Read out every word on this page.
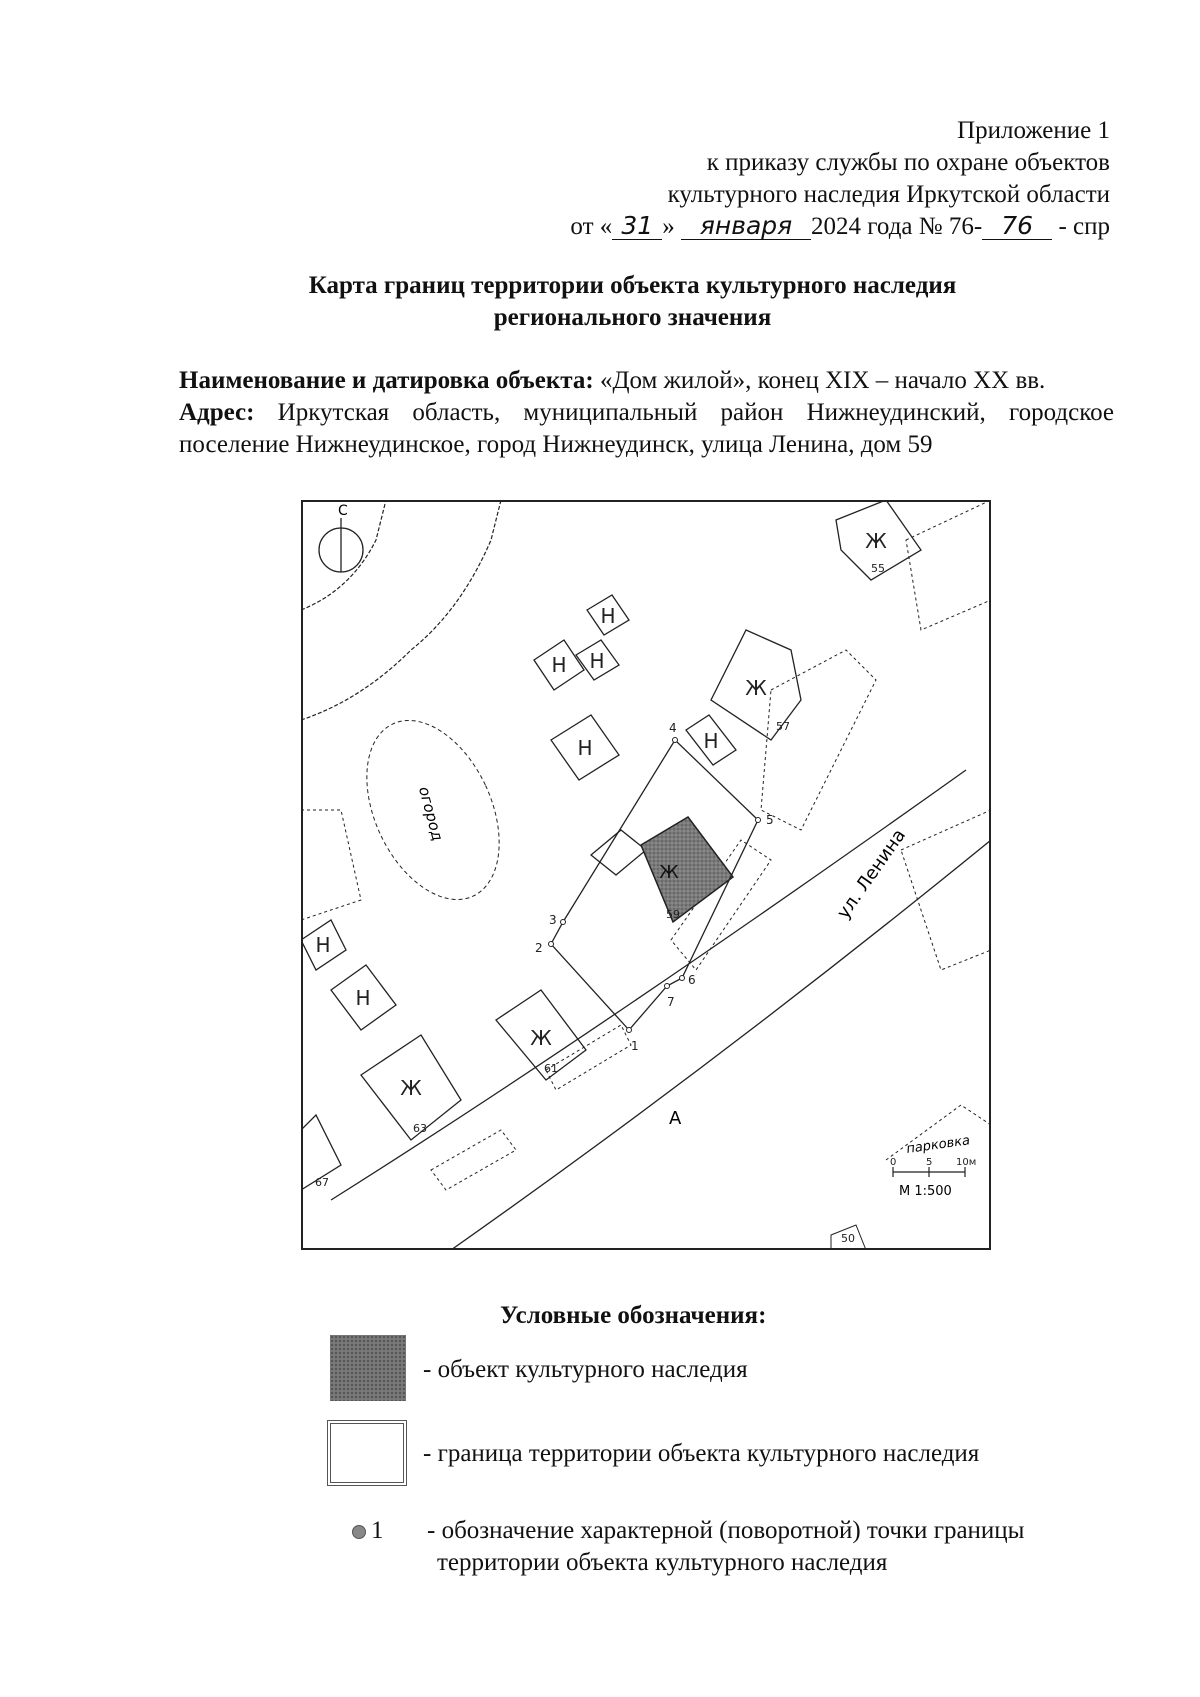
Приложение 1
к приказу службы по охране объектов
культурного наследия Иркутской области
от « 31 » января 2024 года № 76- 76 - спр
Карта границ территории объекта культурного наследия
регионального значения
Наименование и датировка объекта: «Дом жилой», конец XIX – начало XX вв.
Адрес: Иркутская область, муниципальный район Нижнеудинский, городское
поселение Нижнеудинское, город Нижнеудинск, улица Ленина, дом 59
С
огород
Ж
Ж
Н
Н
Н
Н	Н
Н
Н
Ж
Ж
Ж
1
2
3
4
5
6
7
55
57
59
61
63
67
50
ул. Ленина
А
парковка
0	5 10м
М 1:500
Условные обозначения:
- объект культурного наследия
- граница территории объекта культурного наследия
1 - обозначение характерной (поворотной) точки границы
территории объекта культурного наследия
